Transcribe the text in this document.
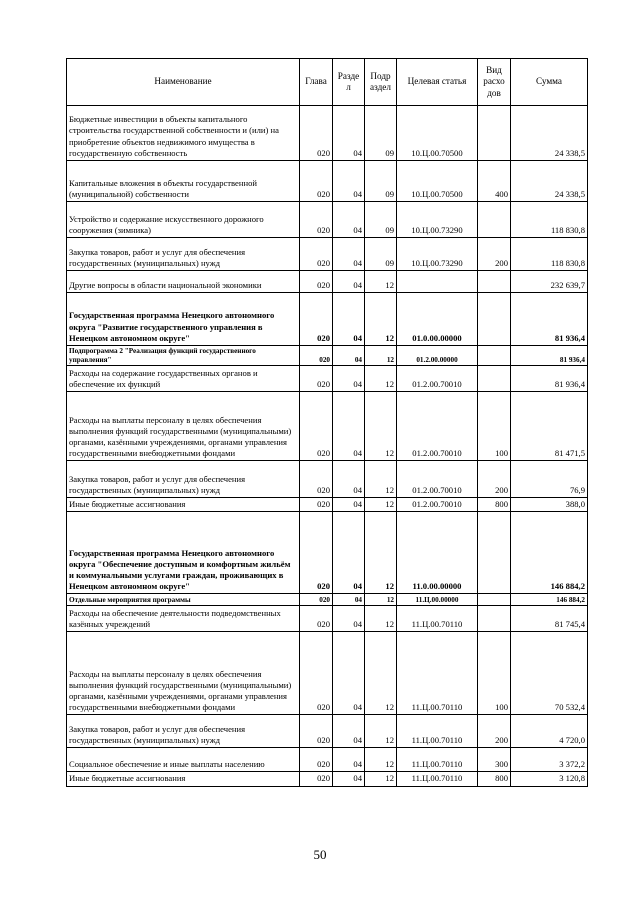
Наименование	Глава	Разде л	Подр аздел	Целевая статья	Вид расхо дов	Сумма
Бюджетные инвестиции в объекты капитального строительства государственной собственности и (или) на приобретение объектов недвижимого имущества в государственную собственность	020	04	09	10.Ц.00.70500		24 338,5
Капитальные вложения в объекты государственной (муниципальной) собственности	020	04	09	10.Ц.00.70500	400	24 338,5
Устройство и содержание искусственного дорожного сооружения (зимника)	020	04	09	10.Ц.00.73290		118 830,8
Закупка товаров, работ и услуг для обеспечения государственных (муниципальных) нужд	020	04	09	10.Ц.00.73290	200	118 830,8
Другие вопросы в области национальной экономики	020	04	12			232 639,7
Государственная программа Ненецкого автономного округа "Развитие государственного управления в Ненецком автономном округе"	020	04	12	01.0.00.00000		81 936,4
Подпрограмма 2 "Реализация функций государственного управления"	020	04	12	01.2.00.00000		81 936,4
Расходы на содержание государственных органов и обеспечение их функций	020	04	12	01.2.00.70010		81 936,4
Расходы на выплаты персоналу в целях обеспечения выполнения функций государственными (муниципальными) органами, казёнными учреждениями, органами управления государственными внебюджетными фондами	020	04	12	01.2.00.70010	100	81 471,5
Закупка товаров, работ и услуг для обеспечения государственных (муниципальных) нужд	020	04	12	01.2.00.70010	200	76,9
Иные бюджетные ассигнования	020	04	12	01.2.00.70010	800	388,0
Государственная программа Ненецкого автономного округа "Обеспечение доступным и комфортным жильём и коммунальными услугами граждан, проживающих в Ненецком автономном округе"	020	04	12	11.0.00.00000		146 884,2
Отдельные мероприятия программы	020	04	12	11.Ц.00.00000		146 884,2
Расходы на обеспечение деятельности подведомственных казённых учреждений	020	04	12	11.Ц.00.70110		81 745,4
Расходы на выплаты персоналу в целях обеспечения выполнения функций государственными (муниципальными) органами, казёнными учреждениями, органами управления государственными внебюджетными фондами	020	04	12	11.Ц.00.70110	100	70 532,4
Закупка товаров, работ и услуг для обеспечения государственных (муниципальных) нужд	020	04	12	11.Ц.00.70110	200	4 720,0
Социальное обеспечение и иные выплаты населению	020	04	12	11.Ц.00.70110	300	3 372,2
Иные бюджетные ассигнования	020	04	12	11.Ц.00.70110	800	3 120,8
50
